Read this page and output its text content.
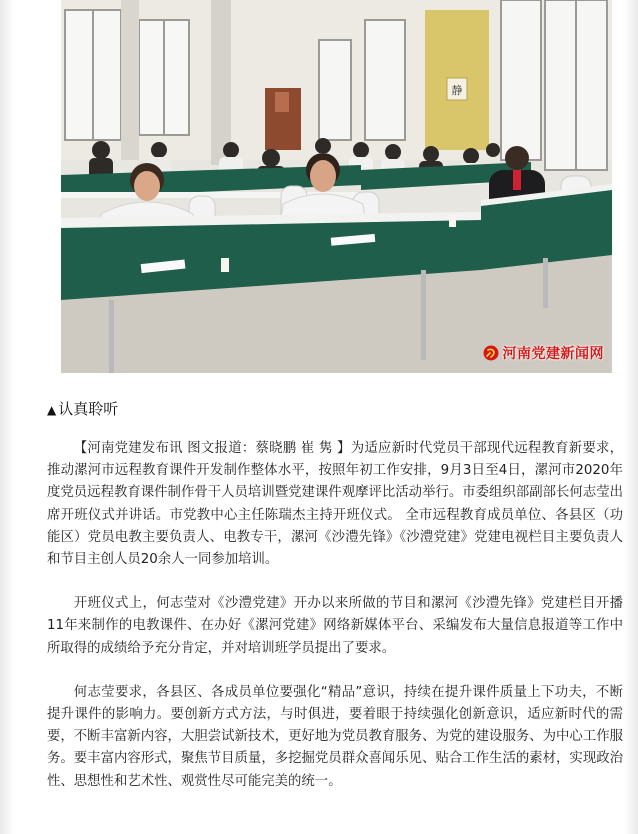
静
河南党建新闻网
▲ 认真聆听

【河南党建发布讯 图文报道：蔡晓鹏 崔 隽 】为适应新时代党员干部现代远程教育新要求，推动漯河市远程教育课件开发制作整体水平，按照年初工作安排，9月3日至4日，漯河市2020年度党员远程教育课件制作骨干人员培训暨党建课件观摩评比活动举行。市委组织部副部长何志莹出席开班仪式并讲话。市党教中心主任陈瑞杰主持开班仪式。 全市远程教育成员单位、各县区（功能区）党员电教主要负责人、电教专干，漯河《沙澧先锋》《沙澧党建》党建电视栏目主要负责人和节目主创人员20余人一同参加培训。

开班仪式上，何志莹对《沙澧党建》开办以来所做的节目和漯河《沙澧先锋》党建栏目开播11年来制作的电教课件、在办好《漯河党建》网络新媒体平台、采编发布大量信息报道等工作中所取得的成绩给予充分肯定，并对培训班学员提出了要求。

何志莹要求，各县区、各成员单位要强化“精品”意识，持续在提升课件质量上下功夫，不断提升课件的影响力。要创新方式方法，与时俱进，要着眼于持续强化创新意识，适应新时代的需要，不断丰富新内容，大胆尝试新技术，更好地为党员教育服务、为党的建设服务、为中心工作服务。要丰富内容形式，聚焦节目质量，多挖掘党员群众喜闻乐见、贴合工作生活的素材，实现政治性、思想性和艺术性、观赏性尽可能完美的统一。
